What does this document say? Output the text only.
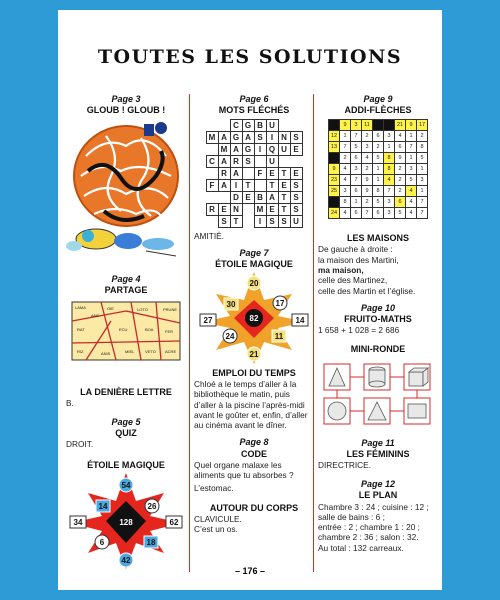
TOUTES LES SOLUTIONS
Page 3
GLOUB ! GLOUB !
Page 4
PARTAGE
LAMA
ANE
OIE	LOTO	PRUNE
RAT	ECU	BOA	FER
RIZ	ANIS	MIEL	VETO ACRE
LA DENIÈRE LETTRE
B.
Page 5
QUIZ
DROIT.
ÉTOILE MAGIQUE
54
14	26
34	128	62
6	18
42
Page 6
MOTS FLÉCHÉS
		C	G	B	U		
M	A	G	A	S	I	N	S
	M	A	G	I	Q	U	E
C	A	R	S		U		
	R	A		F	E	T	E
F	A	I	T		T	E	S
		D	E	B	A	T	S
R	E	N		M	E	T	S
	S	T		I	S	S	U
AMITIÉ.
Page 7
ÉTOILE MAGIQUE
20
30	17
27	82	14
24	11
21
EMPLOI DU TEMPS
Chloé a le temps d’aller à la bibliothèque le matin, puis d’aller à la piscine l’après-midi avant le goûter et, enfin, d’aller au cinéma avant le dîner.
Page 8
CODE
Quel organe malaxe les aliments que tu absorbes ?
L’estomac.
AUTOUR DU CORPS
CLAVICULE.
C’est un os.
Page 9
ADDI-FLÈCHES
	9	3	11			21	9	17
12	1	7	2	6	3	4	1	2
13	7	5	3	2	1	6	7	8
	2	6	4	5	8	9	1	5
9	4	3	2	1	8	2	3	1
23	4	7	9	1	4	2	5	3
25	3	6	9	8	7	2	4	1
	8	1	2	5	3	6	4	7
24	4	6	7	6	3	5	4	7
LES MAISONS
De gauche à droite :
la maison des Martini,
ma maison,
celle des Martinez,
celle des Martin et l’église.
Page 10
FRUITO-MATHS
1 658 + 1 028 = 2 686
MINI-RONDE
Page 11
LES FÉMININS
DIRECTRICE.
Page 12
LE PLAN
Chambre 3 : 24 ; cuisine : 12 ;
salle de bains : 6 ;
entrée : 2 ; chambre 1 : 20 ;
chambre 2 : 36 ; salon : 32.
Au total : 132 carreaux.
– 176 –
